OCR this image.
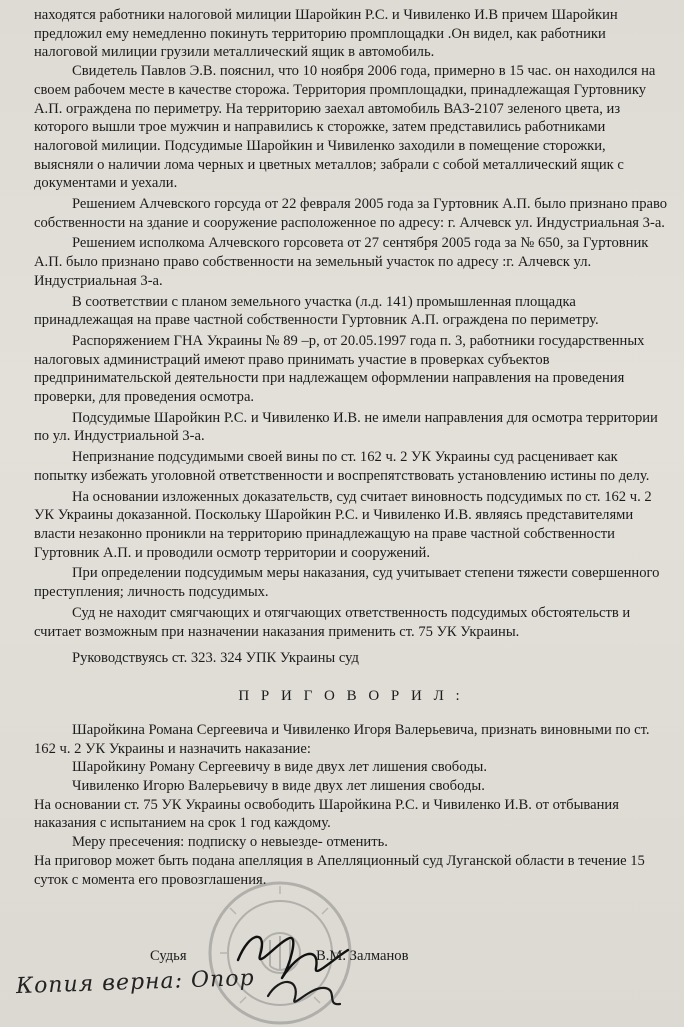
находятся работники налоговой милиции Шаройкин Р.С. и Чивиленко И.В причем Шаройкин предложил ему немедленно покинуть территорию промплощадки .Он видел, как работники налоговой милиции грузили металлический ящик в автомобиль.

Свидетель Павлов Э.В. пояснил, что 10 ноября 2006 года, примерно в 15 час. он находился на своем рабочем месте в качестве сторожа. Территория промплощадки, принадлежащая Гуртовнику А.П. ограждена по периметру. На территорию заехал автомобиль ВАЗ-2107 зеленого цвета, из которого вышли трое мужчин и направились к сторожке, затем представились работниками налоговой милиции. Подсудимые Шаройкин и Чивиленко заходили в помещение сторожки, выясняли о наличии лома черных и цветных металлов; забрали с собой металлический ящик с документами и уехали.

Решением Алчевского горсуда от 22 февраля 2005 года за Гуртовник А.П. было признано право собственности на здание и сооружение расположенное по адресу: г. Алчевск ул. Индустриальная 3-а.

Решением исполкома Алчевского горсовета от 27 сентября 2005 года за № 650, за Гуртовник А.П. было признано право собственности на земельный участок по адресу :г. Алчевск ул. Индустриальная 3-а.

В соответствии с планом земельного участка (л.д. 141) промышленная площадка принадлежащая на праве частной собственности Гуртовник А.П. ограждена по периметру.

Распоряжением ГНА Украины № 89 –р, от 20.05.1997 года п. 3, работники государственных налоговых администраций имеют право принимать участие в проверках субъектов предпринимательской деятельности при надлежащем оформлении направления на проведения проверки, для проведения осмотра.

Подсудимые Шаройкин Р.С. и Чивиленко И.В. не имели направления для осмотра территории по ул. Индустриальной 3-а.

Непризнание подсудимыми своей вины по ст. 162 ч. 2 УК Украины суд расценивает как попытку избежать уголовной ответственности и воспрепятствовать установлению истины по делу.

На основании изложенных доказательств, суд считает виновность подсудимых по ст. 162 ч. 2 УК Украины доказанной. Поскольку Шаройкин Р.С. и Чивиленко И.В. являясь представителями власти незаконно проникли на территорию принадлежащую на праве частной собственности Гуртовник А.П. и проводили осмотр территории и сооружений.

При определении подсудимым меры наказания, суд учитывает степени тяжести совершенного преступления; личность подсудимых.

Суд не находит смягчающих и отягчающих ответственность подсудимых обстоятельств и считает возможным при назначении наказания применить ст. 75 УК Украины.

Руководствуясь ст. 323. 324 УПК Украины суд

П Р И Г О В О Р И Л :

Шаройкина Романа Сергеевича и Чивиленко Игоря Валерьевича, признать виновными по ст. 162 ч. 2 УК Украины и назначить наказание:

Шаройкину Роману Сергеевичу в виде двух лет лишения свободы.

Чивиленко Игорю Валерьевичу в виде двух лет лишения свободы.

На основании ст. 75 УК Украины освободить Шаройкина Р.С. и Чивиленко И.В. от отбывания наказания с испытанием на срок 1 год каждому.

Меру пресечения: подписку о невыезде- отменить.

На приговор может быть подана апелляция в Апелляционный суд Луганской области в течение 15 суток с момента его провозглашения.

Судья	В.М. Залманов
Копия верна: Onop
